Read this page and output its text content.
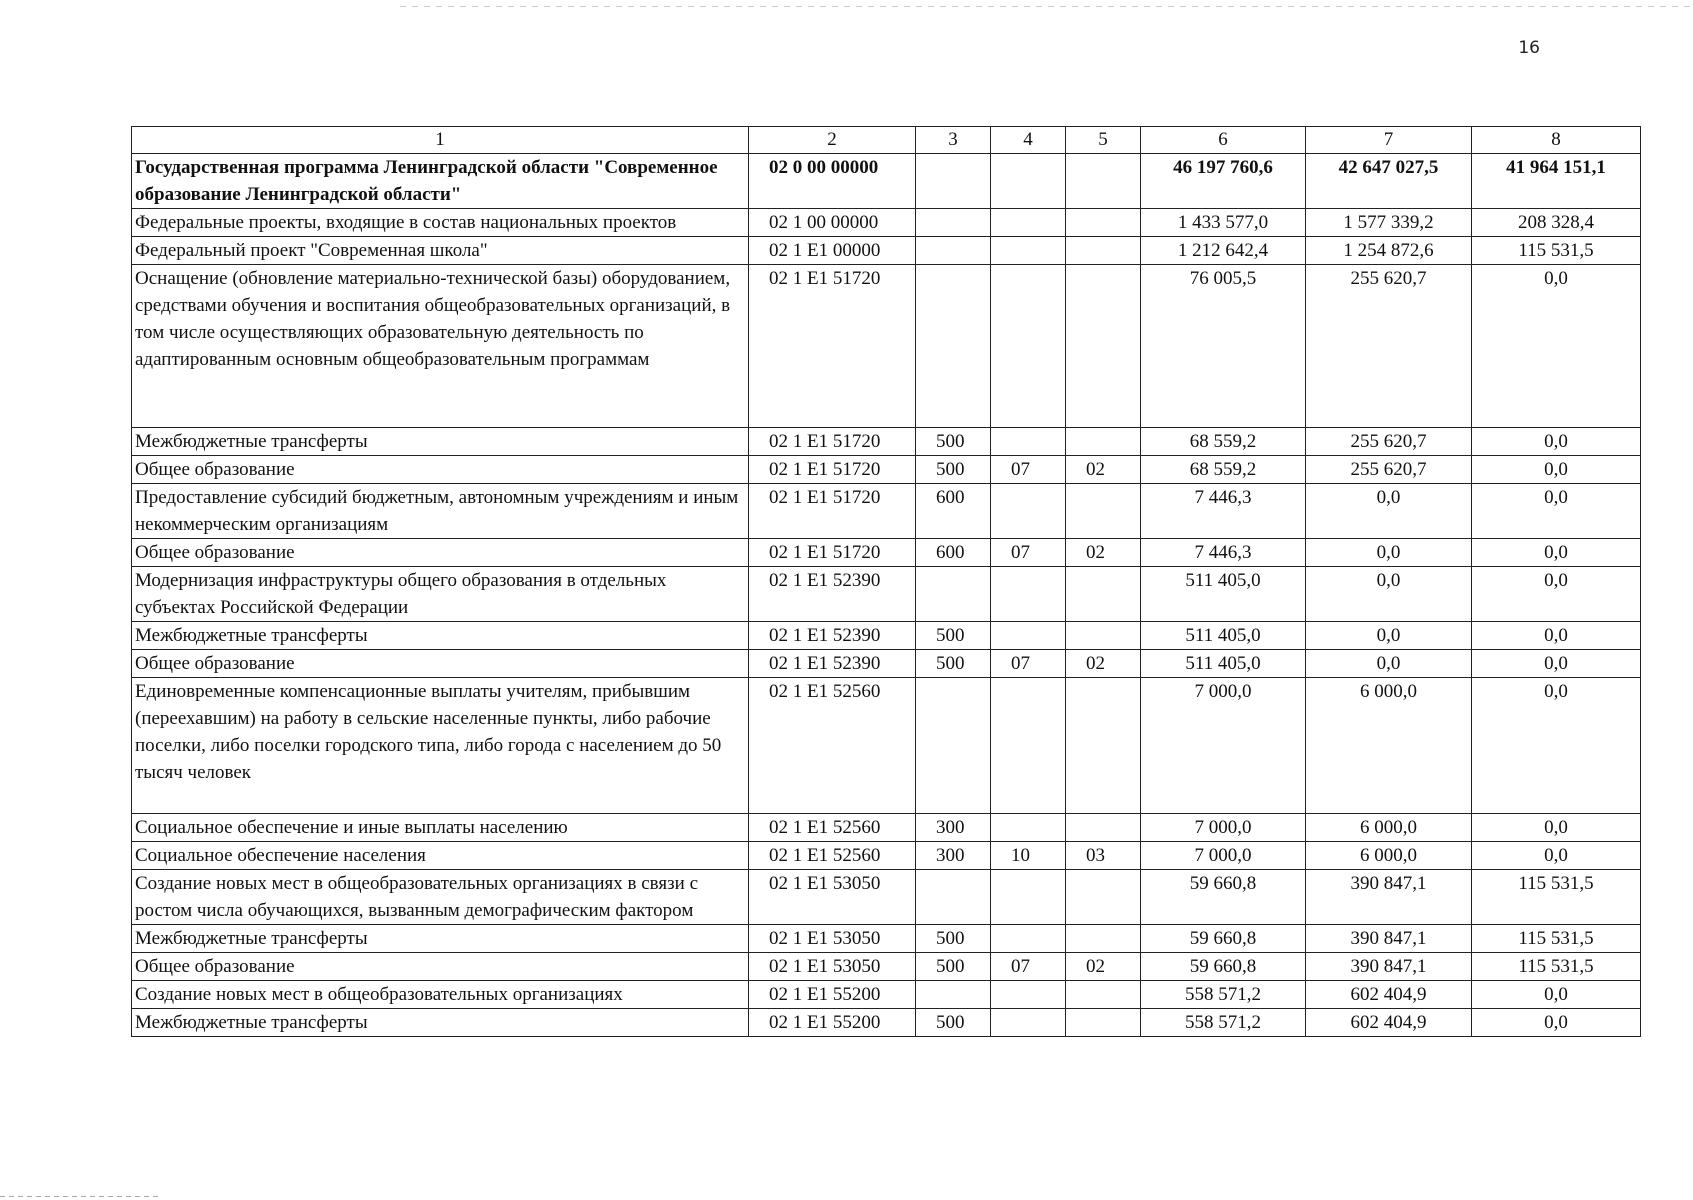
16
1	2	3	4	5	6	7	8
Государственная программа Ленинградской области "Современное образование Ленинградской области"	02 0 00 00000				46 197 760,6	42 647 027,5	41 964 151,1
Федеральные проекты, входящие в состав национальных проектов	02 1 00 00000				1 433 577,0	1 577 339,2	208 328,4
Федеральный проект "Современная школа"	02 1 E1 00000				1 212 642,4	1 254 872,6	115 531,5
Оснащение (обновление материально-технической базы) оборудованием, средствами обучения и воспитания общеобразовательных организаций, в том числе осуществляющих образовательную деятельность по адаптированным основным общеобразовательным программам	02 1 E1 51720				76 005,5	255 620,7	0,0
Межбюджетные трансферты	02 1 E1 51720	500			68 559,2	255 620,7	0,0
Общее образование	02 1 E1 51720	500	07	02	68 559,2	255 620,7	0,0
Предоставление субсидий бюджетным, автономным учреждениям и иным некоммерческим организациям	02 1 E1 51720	600			7 446,3	0,0	0,0
Общее образование	02 1 E1 51720	600	07	02	7 446,3	0,0	0,0
Модернизация инфраструктуры общего образования в отдельных субъектах Российской Федерации	02 1 E1 52390				511 405,0	0,0	0,0
Межбюджетные трансферты	02 1 E1 52390	500			511 405,0	0,0	0,0
Общее образование	02 1 E1 52390	500	07	02	511 405,0	0,0	0,0
Единовременные компенсационные выплаты учителям, прибывшим (переехавшим) на работу в сельские населенные пункты, либо рабочие поселки, либо поселки городского типа, либо города с населением до 50 тысяч человек	02 1 E1 52560				7 000,0	6 000,0	0,0
Социальное обеспечение и иные выплаты населению	02 1 E1 52560	300			7 000,0	6 000,0	0,0
Социальное обеспечение населения	02 1 E1 52560	300	10	03	7 000,0	6 000,0	0,0
Создание новых мест в общеобразовательных организациях в связи с ростом числа обучающихся, вызванным демографическим фактором	02 1 E1 53050				59 660,8	390 847,1	115 531,5
Межбюджетные трансферты	02 1 E1 53050	500			59 660,8	390 847,1	115 531,5
Общее образование	02 1 E1 53050	500	07	02	59 660,8	390 847,1	115 531,5
Создание новых мест в общеобразовательных организациях	02 1 E1 55200				558 571,2	602 404,9	0,0
Межбюджетные трансферты	02 1 E1 55200	500			558 571,2	602 404,9	0,0
